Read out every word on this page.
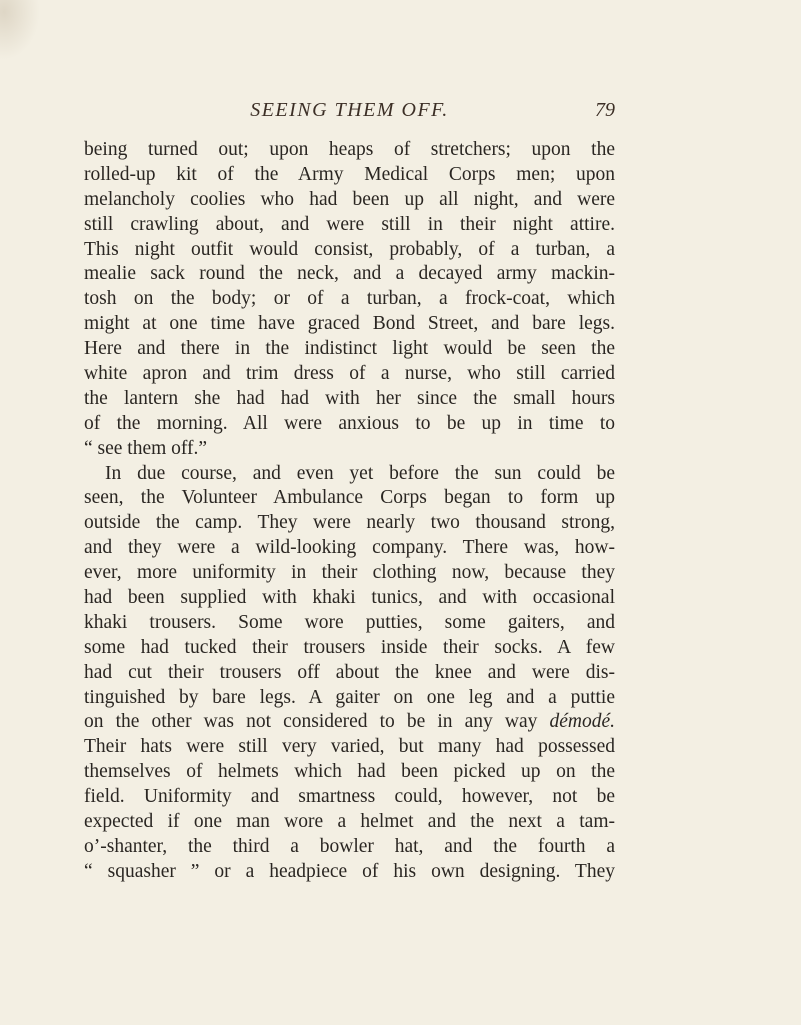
SEEING THEM OFF.	79
being turned out; upon heaps of stretchers; upon the
rolled-up kit of the Army Medical Corps men; upon
melancholy coolies who had been up all night, and were
still crawling about, and were still in their night attire.
This night outfit would consist, probably, of a turban, a
mealie sack round the neck, and a decayed army mackin-
tosh on the body; or of a turban, a frock-coat, which
might at one time have graced Bond Street, and bare legs.
Here and there in the indistinct light would be seen the
white apron and trim dress of a nurse, who still carried
the lantern she had had with her since the small hours
of the morning. All were anxious to be up in time to
“ see them off.”
In due course, and even yet before the sun could be
seen, the Volunteer Ambulance Corps began to form up
outside the camp. They were nearly two thousand strong,
and they were a wild-looking company. There was, how-
ever, more uniformity in their clothing now, because they
had been supplied with khaki tunics, and with occasional
khaki trousers. Some wore putties, some gaiters, and
some had tucked their trousers inside their socks. A few
had cut their trousers off about the knee and were dis-
tinguished by bare legs. A gaiter on one leg and a puttie
on the other was not considered to be in any way démodé.
Their hats were still very varied, but many had possessed
themselves of helmets which had been picked up on the
field. Uniformity and smartness could, however, not be
expected if one man wore a helmet and the next a tam-
o’-shanter, the third a bowler hat, and the fourth a
“ squasher ” or a headpiece of his own designing. They
